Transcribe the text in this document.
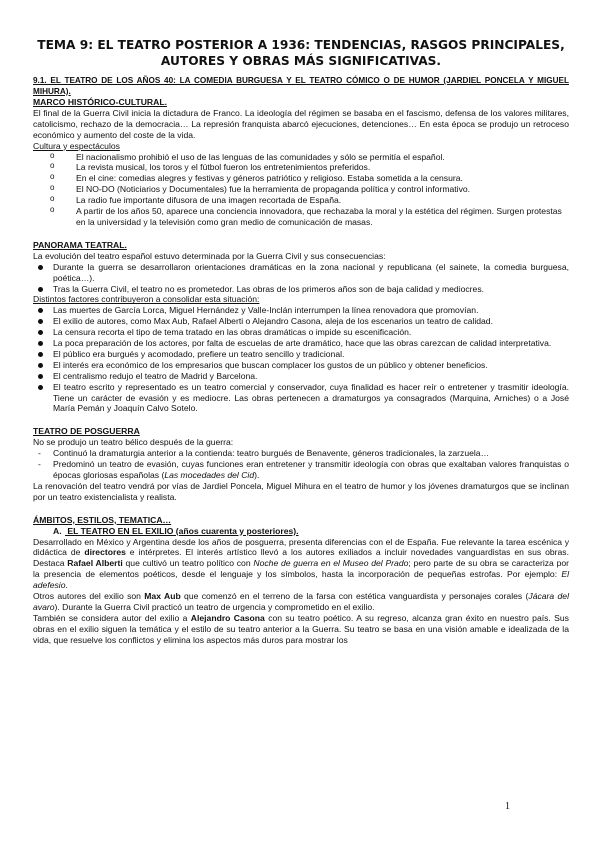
TEMA 9: EL TEATRO POSTERIOR A 1936: TENDENCIAS, RASGOS PRINCIPALES, AUTORES Y OBRAS MÁS SIGNIFICATIVAS.

9.1. EL TEATRO DE LOS AÑOS 40: LA COMEDIA BURGUESA Y EL TEATRO CÓMICO O DE HUMOR (JARDIEL PONCELA Y MIGUEL MIHURA).

MARCO HISTÓRICO-CULTURAL.

El final de la Guerra Civil inicia la dictadura de Franco. La ideología del régimen se basaba en el fascismo, defensa de los valores militares, catolicismo, rechazo de la democracia… La represión franquista abarcó ejecuciones, detenciones… En esta época se produjo un retroceso económico y aumento del coste de la vida.

Cultura y espectáculos

o El nacionalismo prohibió el uso de las lenguas de las comunidades y sólo se permitía el español.
o La revista musical, los toros y el fútbol fueron los entretenimientos preferidos.
o En el cine: comedias alegres y festivas y géneros patriótico y religioso. Estaba sometida a la censura.
o El NO-DO (Noticiarios y Documentales) fue la herramienta de propaganda política y control informativo.
o La radio fue importante difusora de una imagen recortada de España.
o A partir de los años 50, aparece una conciencia innovadora, que rechazaba la moral y la estética del régimen. Surgen protestas en la universidad y la televisión como gran medio de comunicación de masas.

PANORAMA TEATRAL.

La evolución del teatro español estuvo determinada por la Guerra Civil y sus consecuencias:

Durante la guerra se desarrollaron orientaciones dramáticas en la zona nacional y republicana (el sainete, la comedia burguesa, poética…).
Tras la Guerra Civil, el teatro no es prometedor. Las obras de los primeros años son de baja calidad y mediocres.

Distintos factores contribuyeron a consolidar esta situación:

Las muertes de García Lorca, Miguel Hernández y Valle-Inclán interrumpen la línea renovadora que promovían.
El exilio de autores, como Max Aub, Rafael Alberti o Alejandro Casona, aleja de los escenarios un teatro de calidad.
La censura recorta el tipo de tema tratado en las obras dramáticas o impide su escenificación.
La poca preparación de los actores, por falta de escuelas de arte dramático, hace que las obras carezcan de calidad interpretativa.
El público era burgués y acomodado, prefiere un teatro sencillo y tradicional.
El interés era económico de los empresarios que buscan complacer los gustos de un público y obtener beneficios.
El centralismo redujo el teatro de Madrid y Barcelona.
El teatro escrito y representado es un teatro comercial y conservador, cuya finalidad es hacer reír o entretener y trasmitir ideología. Tiene un carácter de evasión y es mediocre. Las obras pertenecen a dramaturgos ya consagrados (Marquina, Arniches) o a José María Pemán y Joaquín Calvo Sotelo.

TEATRO DE POSGUERRA

No se produjo un teatro bélico después de la guerra:

- Continuó la dramaturgia anterior a la contienda: teatro burgués de Benavente, géneros tradicionales, la zarzuela…
- Predominó un teatro de evasión, cuyas funciones eran entretener y transmitir ideología con obras que exaltaban valores franquistas o épocas gloriosas españolas (Las mocedades del Cid).

La renovación del teatro vendrá por vías de Jardiel Poncela, Miguel Mihura en el teatro de humor y los jóvenes dramaturgos que se inclinan por un teatro existencialista y realista.

ÁMBITOS, ESTILOS, TEMATICA…

A. EL TEATRO EN EL EXILIO (años cuarenta y posteriores).

Desarrollado en México y Argentina desde los años de posguerra, presenta diferencias con el de España. Fue relevante la tarea escénica y didáctica de directores e intérpretes. El interés artístico llevó a los autores exiliados a incluir novedades vanguardistas en sus obras. Destaca Rafael Alberti que cultivó un teatro político con Noche de guerra en el Museo del Prado; pero parte de su obra se caracteriza por la presencia de elementos poéticos, desde el lenguaje y los símbolos, hasta la incorporación de pequeñas estrofas. Por ejemplo: El adefesio.

Otros autores del exilio son Max Aub que comenzó en el terreno de la farsa con estética vanguardista y personajes corales (Jácara del avaro). Durante la Guerra Civil practicó un teatro de urgencia y comprometido en el exilio.

También se considera autor del exilio a Alejandro Casona con su teatro poético. A su regreso, alcanza gran éxito en nuestro país. Sus obras en el exilio siguen la temática y el estilo de su teatro anterior a la Guerra. Su teatro se basa en una visión amable e idealizada de la vida, que resuelve los conflictos y elimina los aspectos más duros para mostrar los

1
